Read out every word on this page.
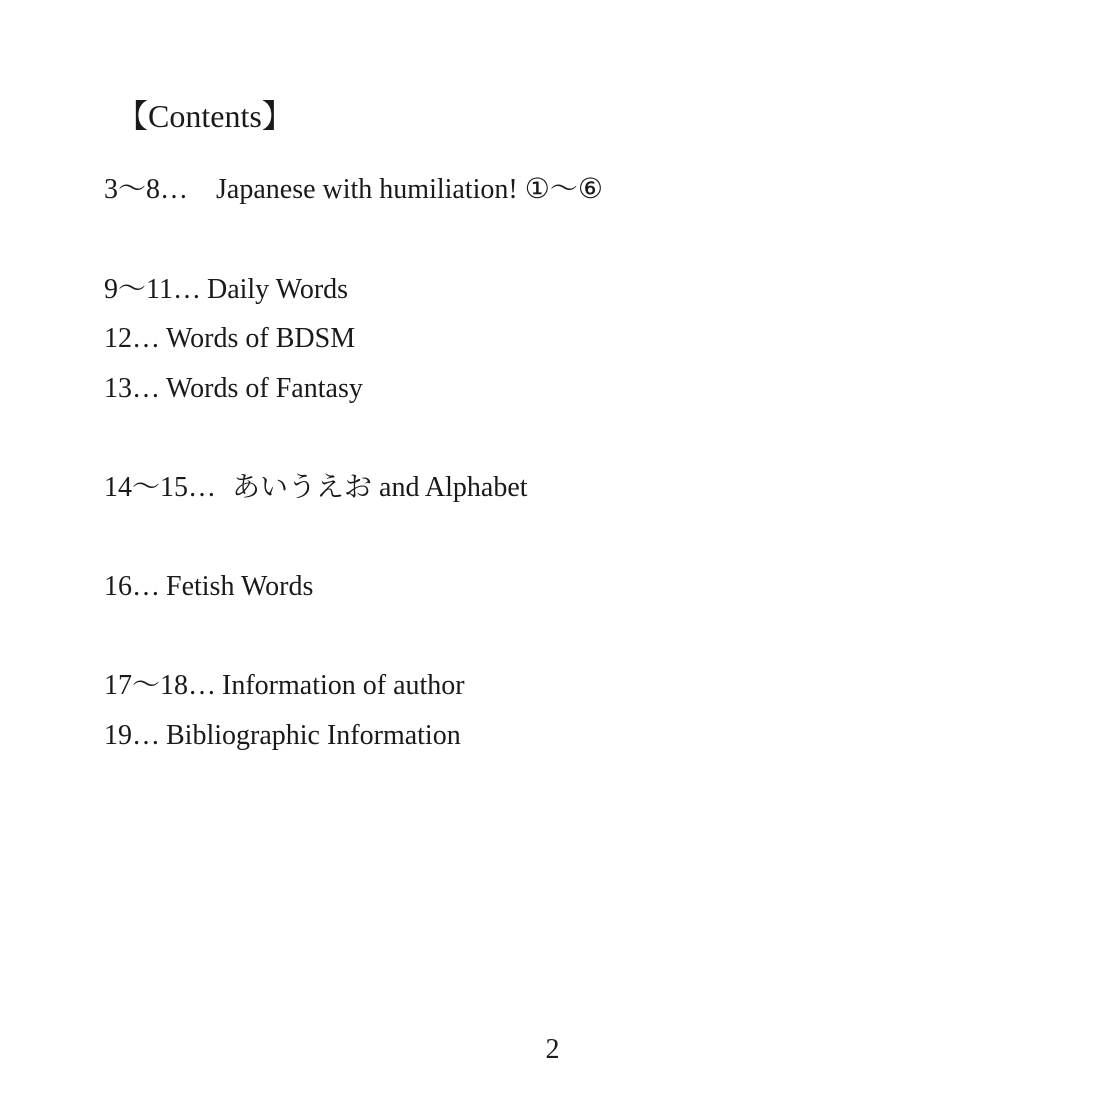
【Contents】
3～8… Japanese with humiliation! ①～⑥
9～11… Daily Words
12… Words of BDSM
13… Words of Fantasy
14～15… あいうえお and Alphabet
16… Fetish Words
17～18… Information of author
19… Bibliographic Information
2
